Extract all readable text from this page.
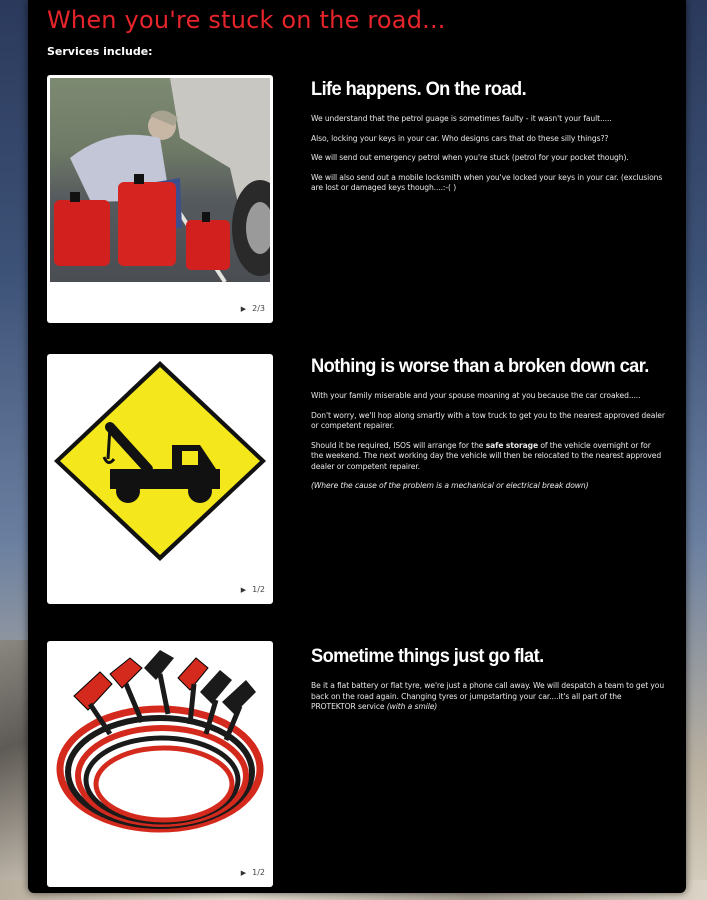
When you're stuck on the road...

Services include:

▶ 2/3
Life happens. On the road.

We understand that the petrol guage is sometimes faulty - it wasn't your fault.....

Also, locking your keys in your car. Who designs cars that do these silly things??

We will send out emergency petrol when you're stuck (petrol for your pocket though).

We will also send out a mobile locksmith when you've locked your keys in your car. (exclusions are lost or damaged keys though....:-( )

▶ 1/2
Nothing is worse than a broken down car.

With your family miserable and your spouse moaning at you because the car croaked.....

Don't worry, we'll hop along smartly with a tow truck to get you to the nearest approved dealer or competent repairer.

Should it be required, ISOS will arrange for the safe storage of the vehicle overnight or for the weekend. The next working day the vehicle will then be relocated to the nearest approved dealer or competent repairer.

(Where the cause of the problem is a mechanical or electrical break down)

▶ 1/2
Sometime things just go flat.

Be it a flat battery or flat tyre, we're just a phone call away. We will despatch a team to get you back on the road again. Changing tyres or jumpstarting your car....it's all part of the PROTEKTOR service (with a smile)
